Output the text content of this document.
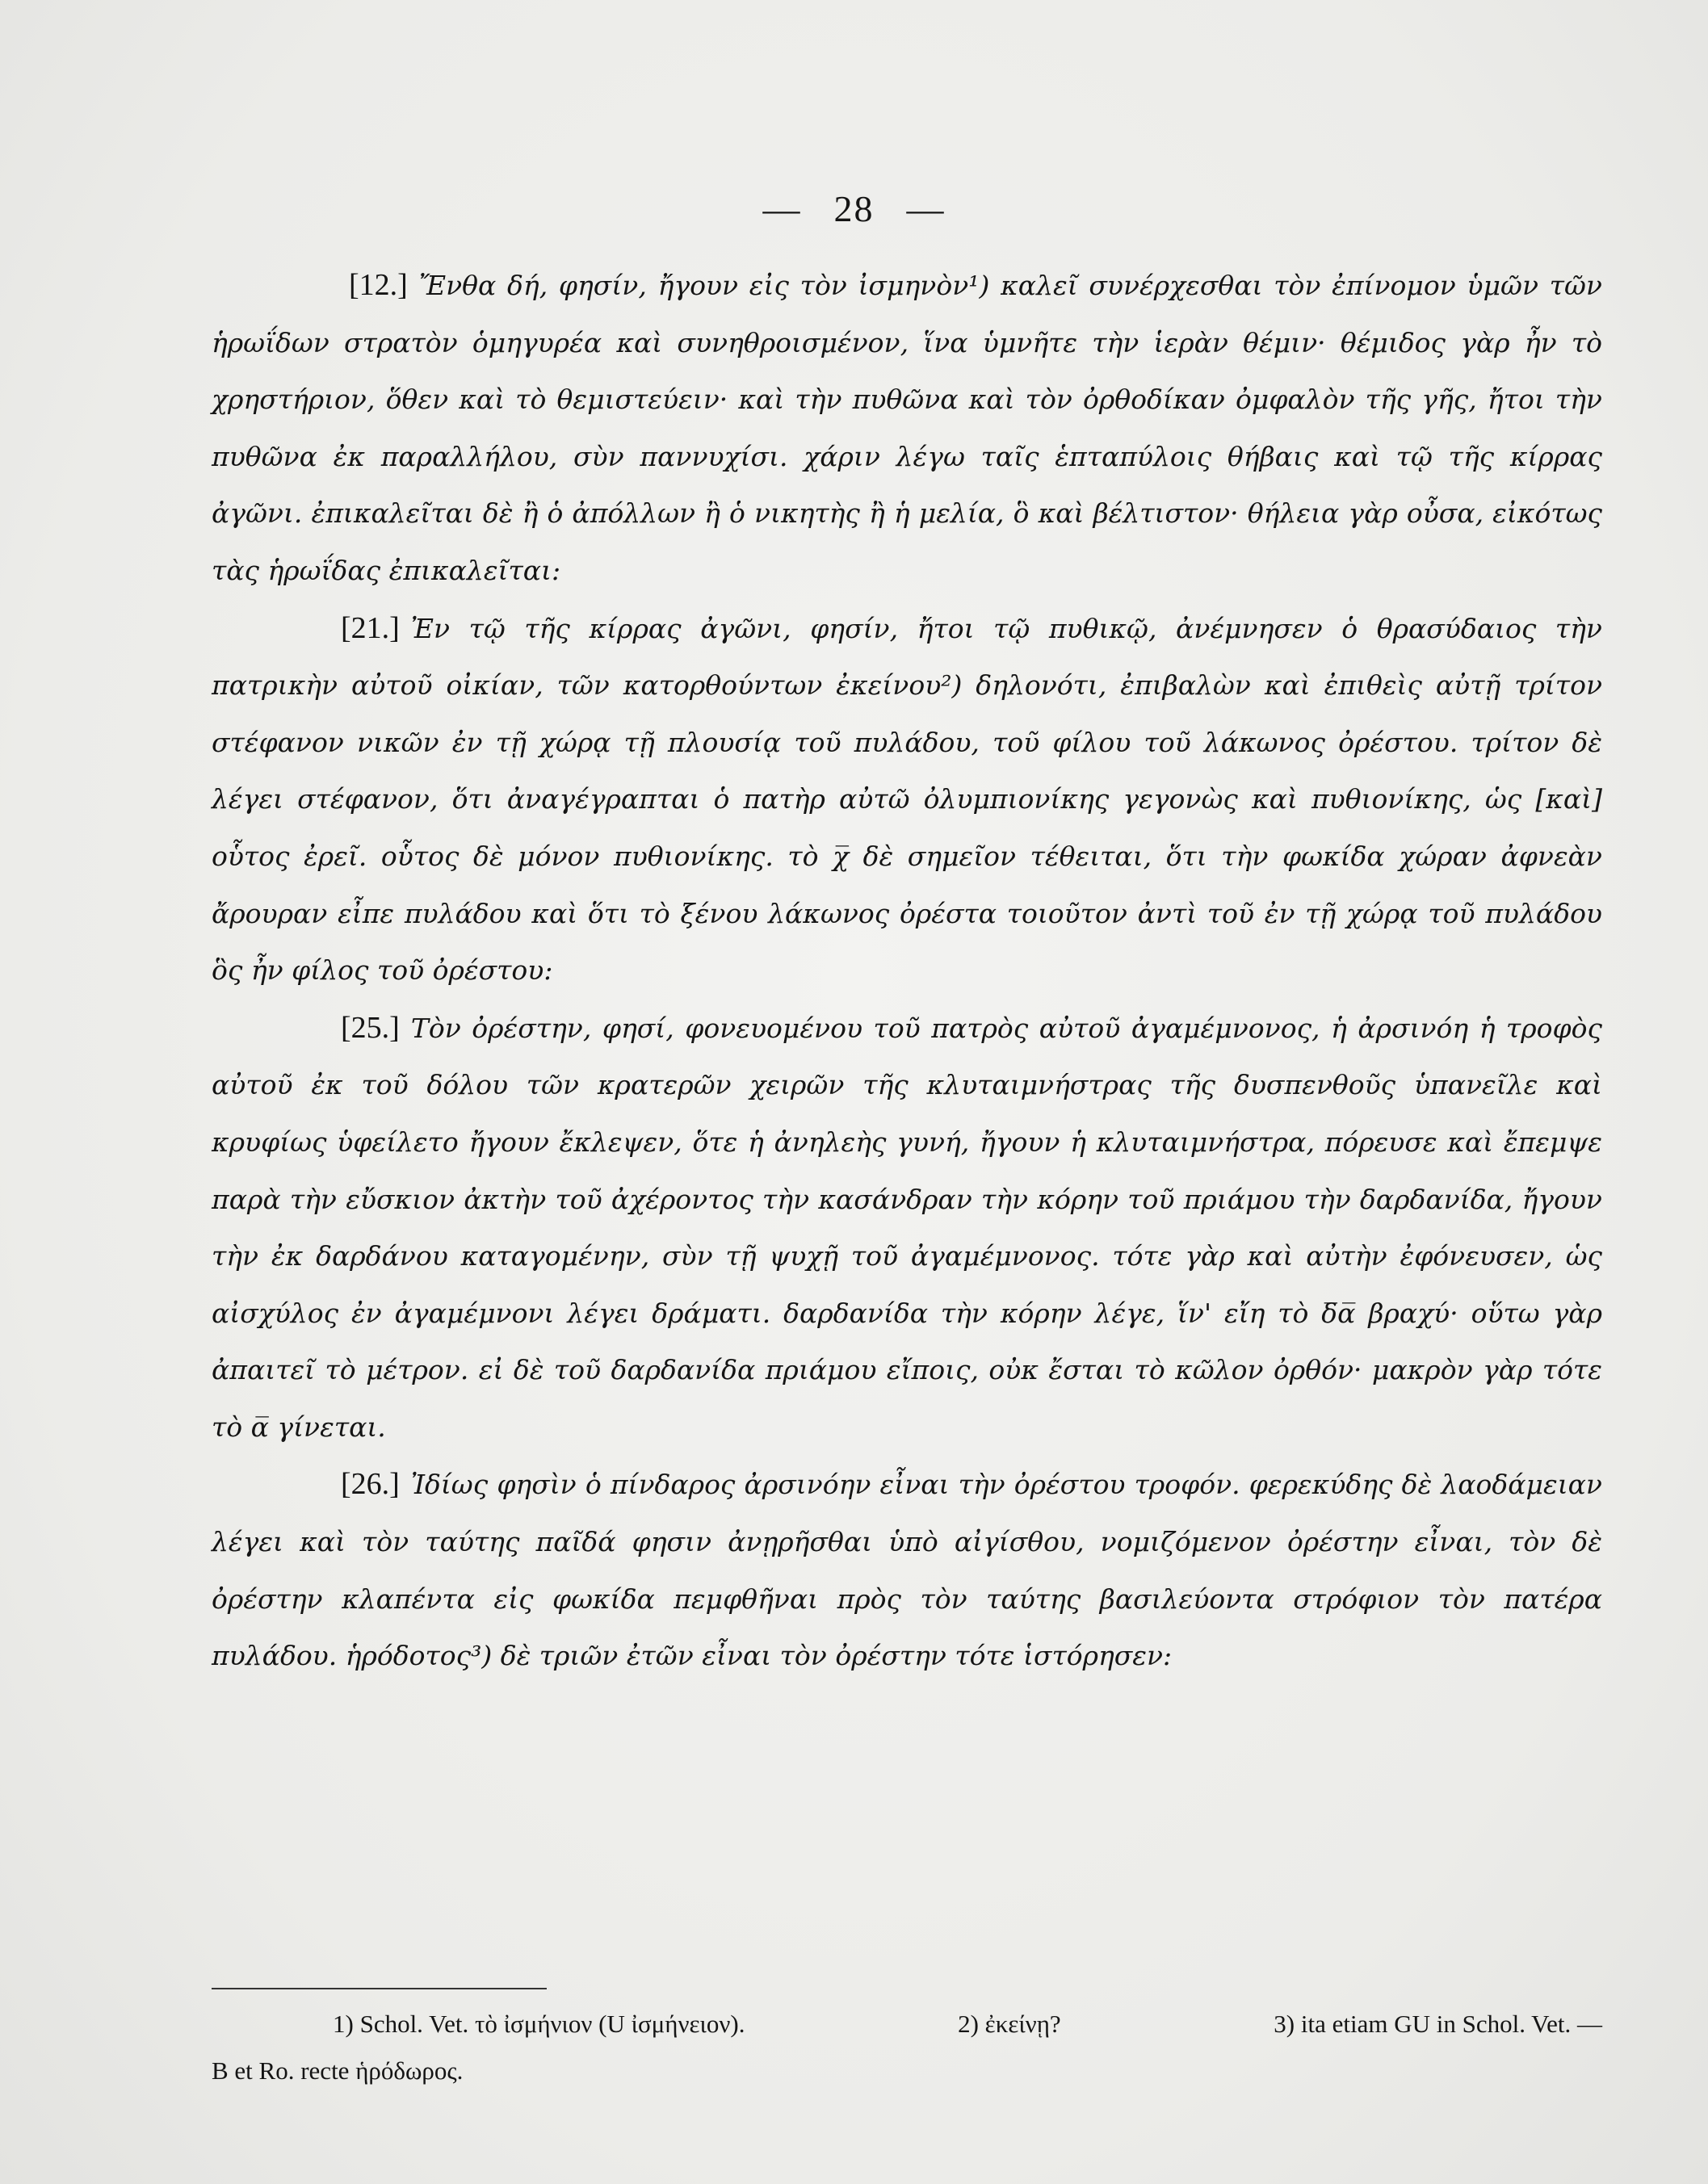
— 28 —

[12.] Ἔνθα δή, φησίν, ἤγουν εἰς τὸν ἰσμηνὸν¹) καλεῖ συνέρχεσθαι τὸν ἐπίνομον ὑμῶν τῶν ἡρωΐδων στρατὸν ὁμηγυρέα καὶ συνηθροισμένον, ἵνα ὑμνῆτε τὴν ἱερὰν θέμιν· θέμιδος γὰρ ἦν τὸ χρηστήριον, ὅθεν καὶ τὸ θεμιστεύειν· καὶ τὴν πυθῶνα καὶ τὸν ὀρθοδίκαν ὀμφαλὸν τῆς γῆς, ἤτοι τὴν πυθῶνα ἐκ παραλλήλου, σὺν παννυχίσι. χάριν λέγω ταῖς ἑπταπύλοις θήβαις καὶ τῷ τῆς κίρρας ἀγῶνι. ἐπικαλεῖται δὲ ἢ ὁ ἀπόλλων ἢ ὁ νικητὴς ἢ ἡ μελία, ὃ καὶ βέλτιστον· θήλεια γὰρ οὖσα, εἰκότως τὰς ἡρωΐδας ἐπικαλεῖται:

[21.] Ἐν τῷ τῆς κίρρας ἀγῶνι, φησίν, ἤτοι τῷ πυθικῷ, ἀνέμνησεν ὁ θρασύδαιος τὴν πατρικὴν αὐτοῦ οἰκίαν, τῶν κατορθούντων ἐκείνου²) δηλονότι, ἐπιβαλὼν καὶ ἐπιθεὶς αὐτῇ τρίτον στέφανον νικῶν ἐν τῇ χώρᾳ τῇ πλουσίᾳ τοῦ πυλάδου, τοῦ φίλου τοῦ λάκωνος ὀρέστου. τρίτον δὲ λέγει στέφανον, ὅτι ἀναγέγραπται ὁ πατὴρ αὐτῶ ὀλυμπιονίκης γεγονὼς καὶ πυθιονίκης, ὡς [καὶ] οὗτος ἐρεῖ. οὗτος δὲ μόνον πυθιονίκης. τὸ χ̅ δὲ σημεῖον τέθειται, ὅτι τὴν φωκίδα χώραν ἀφνεὰν ἄρουραν εἶπε πυλάδου καὶ ὅτι τὸ ξένου λάκωνος ὀρέστα τοιοῦτον ἀντὶ τοῦ ἐν τῇ χώρᾳ τοῦ πυλάδου ὃς ἦν φίλος τοῦ ὀρέστου:

[25.] Τὸν ὀρέστην, φησί, φονευομένου τοῦ πατρὸς αὐτοῦ ἀγαμέμνονος, ἡ ἀρσινόη ἡ τροφὸς αὐτοῦ ἐκ τοῦ δόλου τῶν κρατερῶν χειρῶν τῆς κλυταιμνήστρας τῆς δυσπενθοῦς ὑπανεῖλε καὶ κρυφίως ὑφείλετο ἤγουν ἔκλεψεν, ὅτε ἡ ἀνηλεὴς γυνή, ἤγουν ἡ κλυταιμνήστρα, πόρευσε καὶ ἔπεμψε παρὰ τὴν εὔσκιον ἀκτὴν τοῦ ἀχέροντος τὴν κασάνδραν τὴν κόρην τοῦ πριάμου τὴν δαρδανίδα, ἤγουν τὴν ἐκ δαρδάνου καταγομένην, σὺν τῇ ψυχῇ τοῦ ἀγαμέμνονος. τότε γὰρ καὶ αὐτὴν ἐφόνευσεν, ὡς αἰσχύλος ἐν ἀγαμέμνονι λέγει δράματι. δαρδανίδα τὴν κόρην λέγε, ἵν' εἴη τὸ δ̅α̅ βραχύ· οὕτω γὰρ ἀπαιτεῖ τὸ μέτρον. εἰ δὲ τοῦ δαρδανίδα πριάμου εἴποις, οὐκ ἔσται τὸ κῶλον ὀρθόν· μακρὸν γὰρ τότε τὸ α̅ γίνεται.

[26.] Ἰδίως φησὶν ὁ πίνδαρος ἀρσινόην εἶναι τὴν ὀρέστου τροφόν. φερεκύδης δὲ λαοδάμειαν λέγει καὶ τὸν ταύτης παῖδά φησιν ἀνῃρῆσθαι ὑπὸ αἰγίσθου, νομιζόμενον ὀρέστην εἶναι, τὸν δὲ ὀρέστην κλαπέντα εἰς φωκίδα πεμφθῆναι πρὸς τὸν ταύτης βασιλεύοντα στρόφιον τὸν πατέρα πυλάδου. ἡρόδοτος³) δὲ τριῶν ἐτῶν εἶναι τὸν ὀρέστην τότε ἱστόρησεν:

1) Schol. Vet. τὸ ἰσμήνιον (U ἰσμήνειον).	2) ἐκείνῃ?	3) ita etiam GU in Schol. Vet. —
B et Ro. recte ἡρόδωρος.
